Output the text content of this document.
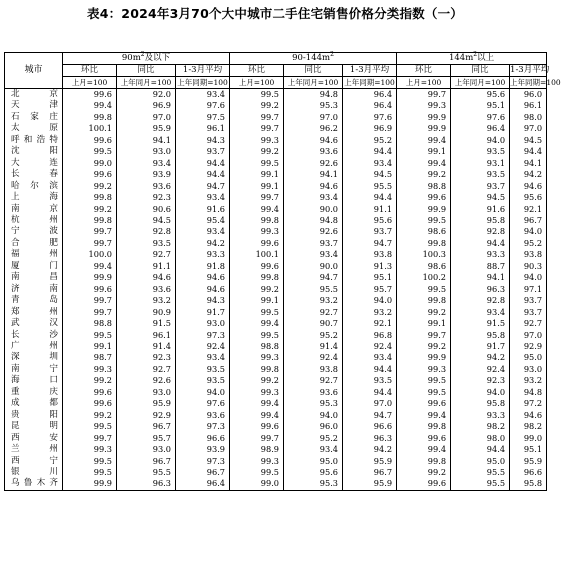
表4：2024年3月70个大中城市二手住宅销售价格分类指数（一）
城市	$90m^2$及以下			$90-144m^2$			$144m^2$以上		
	环比	同比	1-3月平均	环比	同比	1-3月平均	环比	同比	1-3月平均
	上月=100	上年同月=100	上年同期=100	上月=100	上年同月=100	上年同期=100	上月=100	上年同月=100	上年同期=100
北京	99.6	92.0	93.4	99.5	94.8	96.4	99.7	95.6	96.0
天津	99.4	96.9	97.6	99.2	95.3	96.4	99.3	95.1	96.1
石家庄	99.8	97.0	97.5	99.7	97.0	97.6	99.9	97.6	98.0
太原	100.1	95.9	96.1	99.7	96.2	96.9	99.9	96.4	97.0
呼和浩特	99.6	94.1	94.3	99.3	94.6	95.2	99.4	94.0	94.5
沈阳	99.5	93.0	93.7	99.2	93.6	94.4	99.1	93.5	94.4
大连	99.0	93.4	94.4	99.5	92.6	93.4	99.4	93.1	94.1
长春	99.6	93.9	94.4	99.1	94.1	94.5	99.2	93.5	94.2
哈尔滨	99.2	93.6	94.7	99.1	94.6	95.5	98.8	93.7	94.6
上海	99.8	92.3	93.4	99.7	93.4	94.4	99.6	94.5	95.6
南京	99.2	90.6	91.6	99.4	90.0	91.1	99.9	91.6	92.1
杭州	99.8	94.5	95.4	99.8	94.8	95.6	99.5	95.8	96.7
宁波	99.7	92.8	93.4	99.3	92.6	93.7	98.6	92.8	94.0
合肥	99.7	93.5	94.2	99.6	93.7	94.7	99.8	94.4	95.2
福州	100.0	92.7	93.3	100.1	93.4	93.8	100.3	93.3	93.8
厦门	99.4	91.1	91.8	99.6	90.0	91.3	98.6	88.7	90.3
南昌	99.9	94.6	94.6	99.8	94.7	95.1	100.2	94.1	94.0
济南	99.6	93.6	94.6	99.2	95.5	95.7	99.5	96.3	97.1
青岛	99.7	93.2	94.3	99.1	93.2	94.0	99.8	92.8	93.7
郑州	99.7	90.9	91.7	99.5	92.7	93.2	99.2	93.4	93.7
武汉	98.8	91.5	93.0	99.4	90.7	92.1	99.1	91.5	92.7
长沙	99.5	96.1	97.3	99.5	95.2	96.8	99.7	95.8	97.0
广州	99.1	91.4	92.4	98.8	91.4	92.4	99.2	91.7	92.9
深圳	98.7	92.3	93.4	99.3	92.4	93.4	99.9	94.2	95.0
南宁	99.3	92.7	93.5	99.8	93.8	94.4	99.3	92.4	93.0
海口	99.2	92.6	93.5	99.2	92.7	93.5	99.5	92.3	93.2
重庆	99.6	93.0	94.0	99.3	93.6	94.4	99.5	94.0	94.8
成都	99.6	95.9	97.6	99.4	95.3	97.0	99.6	95.8	97.2
贵阳	99.2	92.9	93.6	99.4	94.0	94.7	99.4	93.3	94.6
昆明	99.5	96.7	97.3	99.6	96.0	96.6	99.8	98.2	98.2
西安	99.7	95.7	96.6	99.7	95.2	96.3	99.6	98.0	99.0
兰州	99.3	93.0	93.9	98.9	93.4	94.2	99.4	94.4	95.1
西宁	99.5	96.7	97.3	99.3	95.0	95.9	99.8	95.0	95.9
银川	99.5	95.5	96.7	99.5	95.6	96.7	99.2	95.5	96.6
乌鲁木齐	99.9	96.3	96.4	99.0	95.3	95.9	99.6	95.5	95.8
